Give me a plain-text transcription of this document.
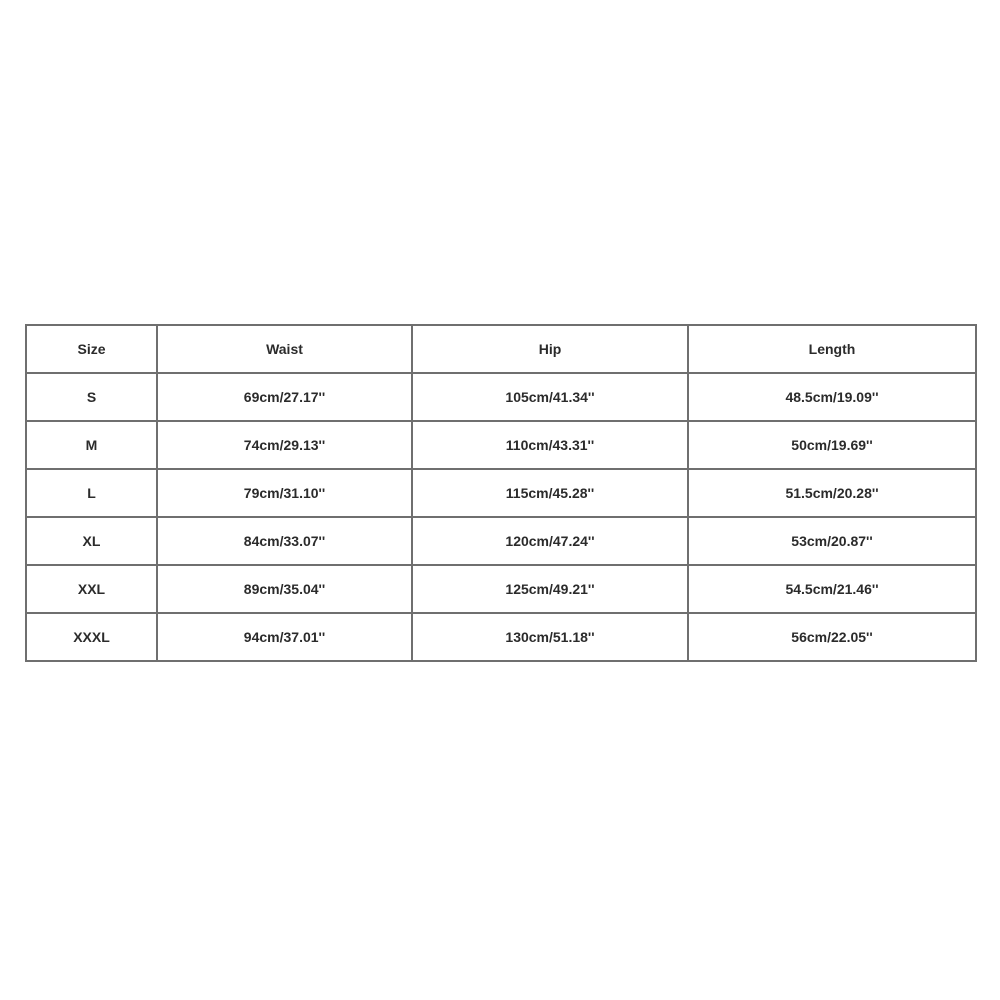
Size	Waist	Hip	Length
S	69cm/27.17''	105cm/41.34''	48.5cm/19.09''
M	74cm/29.13''	110cm/43.31''	50cm/19.69''
L	79cm/31.10''	115cm/45.28''	51.5cm/20.28''
XL	84cm/33.07''	120cm/47.24''	53cm/20.87''
XXL	89cm/35.04''	125cm/49.21''	54.5cm/21.46''
XXXL	94cm/37.01''	130cm/51.18''	56cm/22.05''
